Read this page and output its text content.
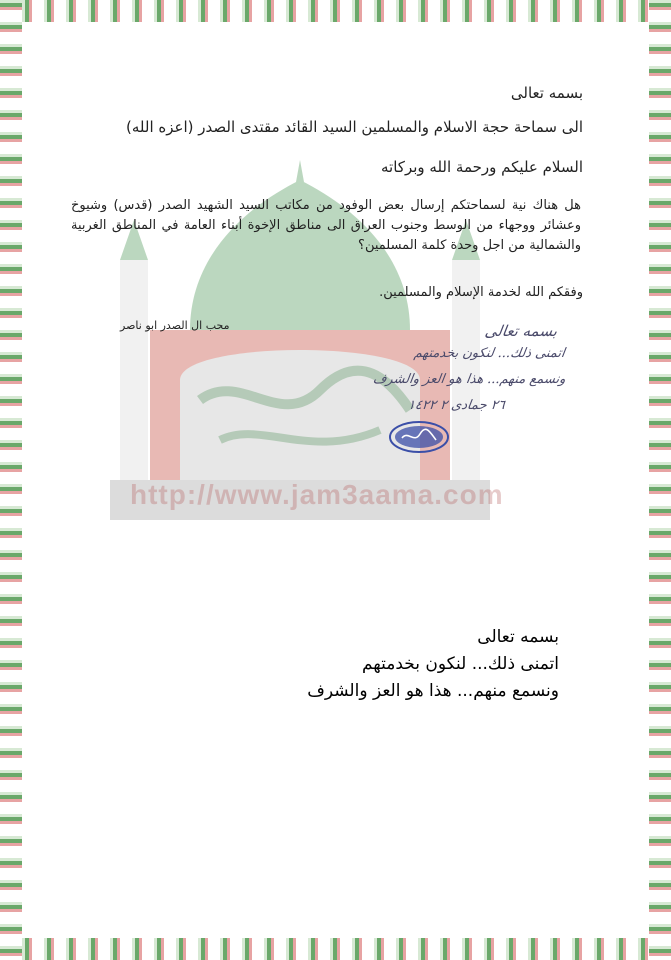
http://www.jam3aama.com
بسمه تعالى
الى سماحة حجة الاسلام والمسلمين السيد القائد مقتدى الصدر (اعزه الله)
السلام عليكم ورحمة الله وبركاته
هل هناك نية لسماحتكم إرسال بعض الوفود من مكاتب السيد الشهيد الصدر (قدس) وشيوخ وعشائر ووجهاء من الوسط وجنوب العراق الى مناطق الإخوة أبناء العامة في المناطق الغربية والشمالية من اجل وحدة كلمة المسلمين؟
وفقكم الله لخدمة الإسلام والمسلمين.
محب ال الصدر ابو ناصر	بسمه تعالى
اتمنى ذلك... لنكون بخدمتهم
ونسمع منهم... هذا هو العز والشرف
٢٦ جمادى ٢ ١٤٢٢
بسمه تعالى
اتمنى ذلك... لنكون بخدمتهم
ونسمع منهم... هذا هو العز والشرف
